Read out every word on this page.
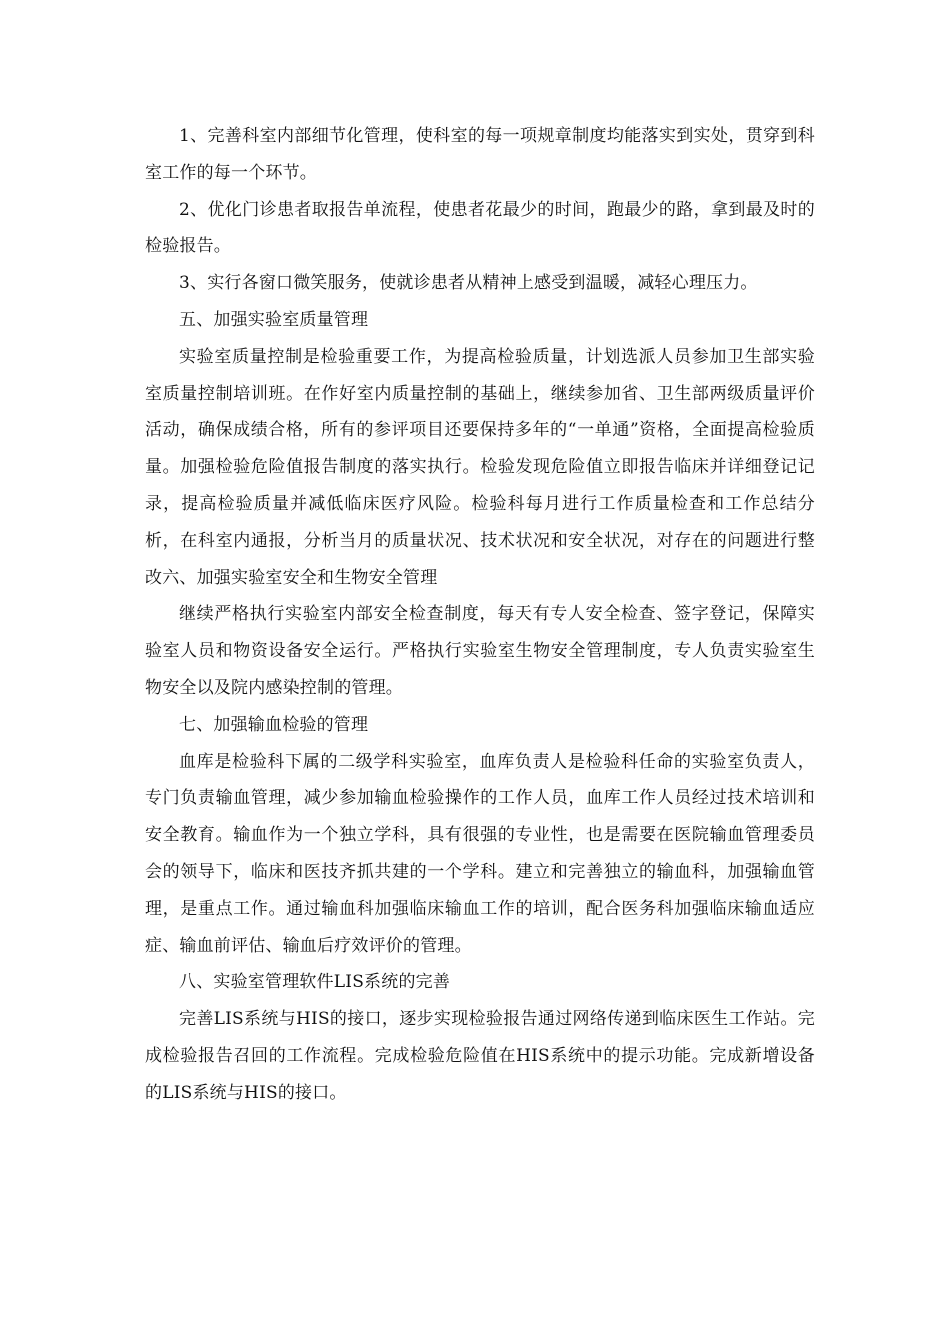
1、完善科室内部细节化管理，使科室的每一项规章制度均能落实到实处，贯穿到科室工作的每一个环节。

2、优化门诊患者取报告单流程，使患者花最少的时间，跑最少的路，拿到最及时的检验报告。

3、实行各窗口微笑服务，使就诊患者从精神上感受到温暖，减轻心理压力。

五、加强实验室质量管理

实验室质量控制是检验重要工作，为提高检验质量，计划选派人员参加卫生部实验室质量控制培训班。在作好室内质量控制的基础上，继续参加省、卫生部两级质量评价活动，确保成绩合格，所有的参评项目还要保持多年的“一单通”资格，全面提高检验质量。加强检验危险值报告制度的落实执行。检验发现危险值立即报告临床并详细登记记录，提高检验质量并减低临床医疗风险。检验科每月进行工作质量检查和工作总结分析，在科室内通报，分析当月的质量状况、技术状况和安全状况，对存在的问题进行整改六、加强实验室安全和生物安全管理

继续严格执行实验室内部安全检查制度，每天有专人安全检查、签字登记，保障实验室人员和物资设备安全运行。严格执行实验室生物安全管理制度，专人负责实验室生物安全以及院内感染控制的管理。

七、加强输血检验的管理

血库是检验科下属的二级学科实验室，血库负责人是检验科任命的实验室负责人，专门负责输血管理，减少参加输血检验操作的工作人员，血库工作人员经过技术培训和安全教育。输血作为一个独立学科，具有很强的专业性，也是需要在医院输血管理委员会的领导下，临床和医技齐抓共建的一个学科。建立和完善独立的输血科，加强输血管理，是重点工作。通过输血科加强临床输血工作的培训，配合医务科加强临床输血适应症、输血前评估、输血后疗效评价的管理。

八、实验室管理软件LIS系统的完善

完善LIS系统与HIS的接口，逐步实现检验报告通过网络传递到临床医生工作站。完成检验报告召回的工作流程。完成检验危险值在HIS系统中的提示功能。完成新增设备的LIS系统与HIS的接口。
